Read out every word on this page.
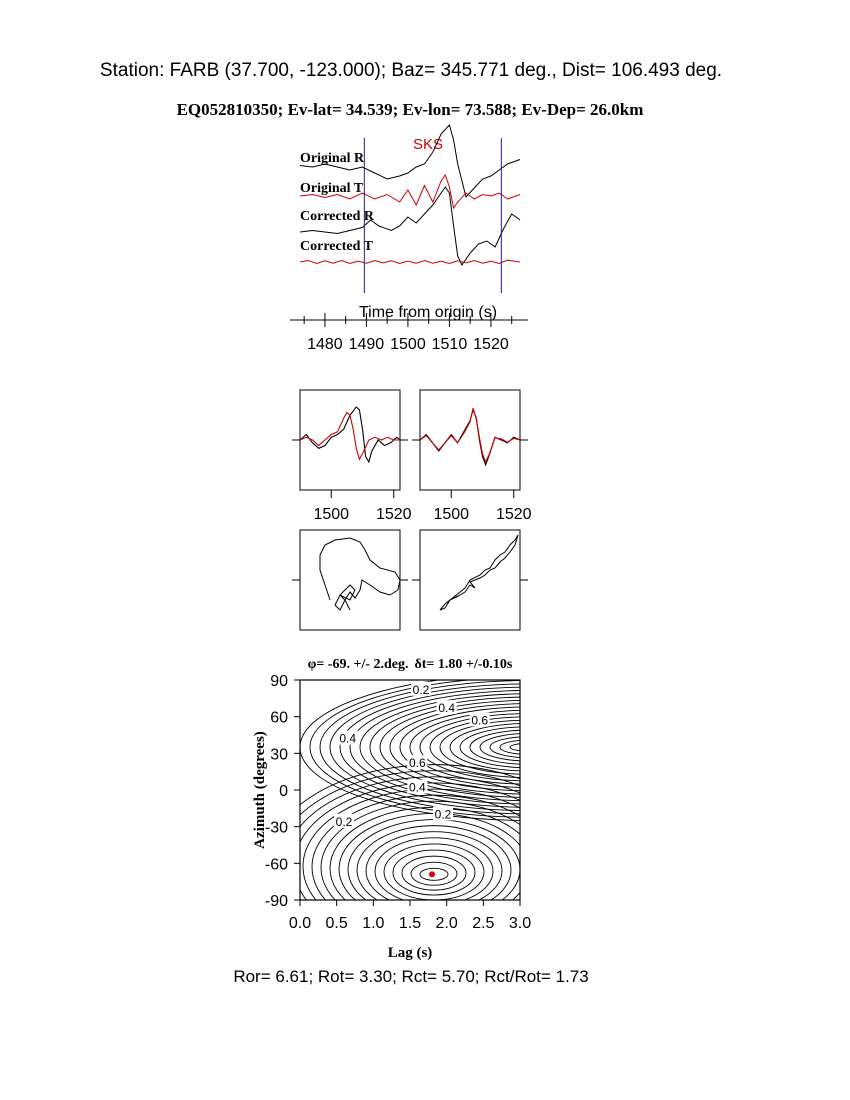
Station: FARB (37.700, -123.000); Baz= 345.771 deg., Dist= 106.493 deg.
EQ052810350; Ev-lat= 34.539; Ev-lon= 73.588; Ev-Dep= 26.0km
SKS
Original R
Original T
Corrected R
Corrected T
Time from origin (s)
1480 1490 1500 1510 1520
1500 1520 1500 1520
φ= -69. +/- 2.deg. δt= 1.80 +/-0.10s
0.0 0.5 1.0 1.5 2.0 2.5 3.0
90
60
30
0
-30
-60
-90
0.2
0.4
0.6
0.4
0.6
0.4
0.2
0.2
Lag (s)
Azimuth (degrees)
Ror= 6.61; Rot= 3.30; Rct= 5.70; Rct/Rot= 1.73
